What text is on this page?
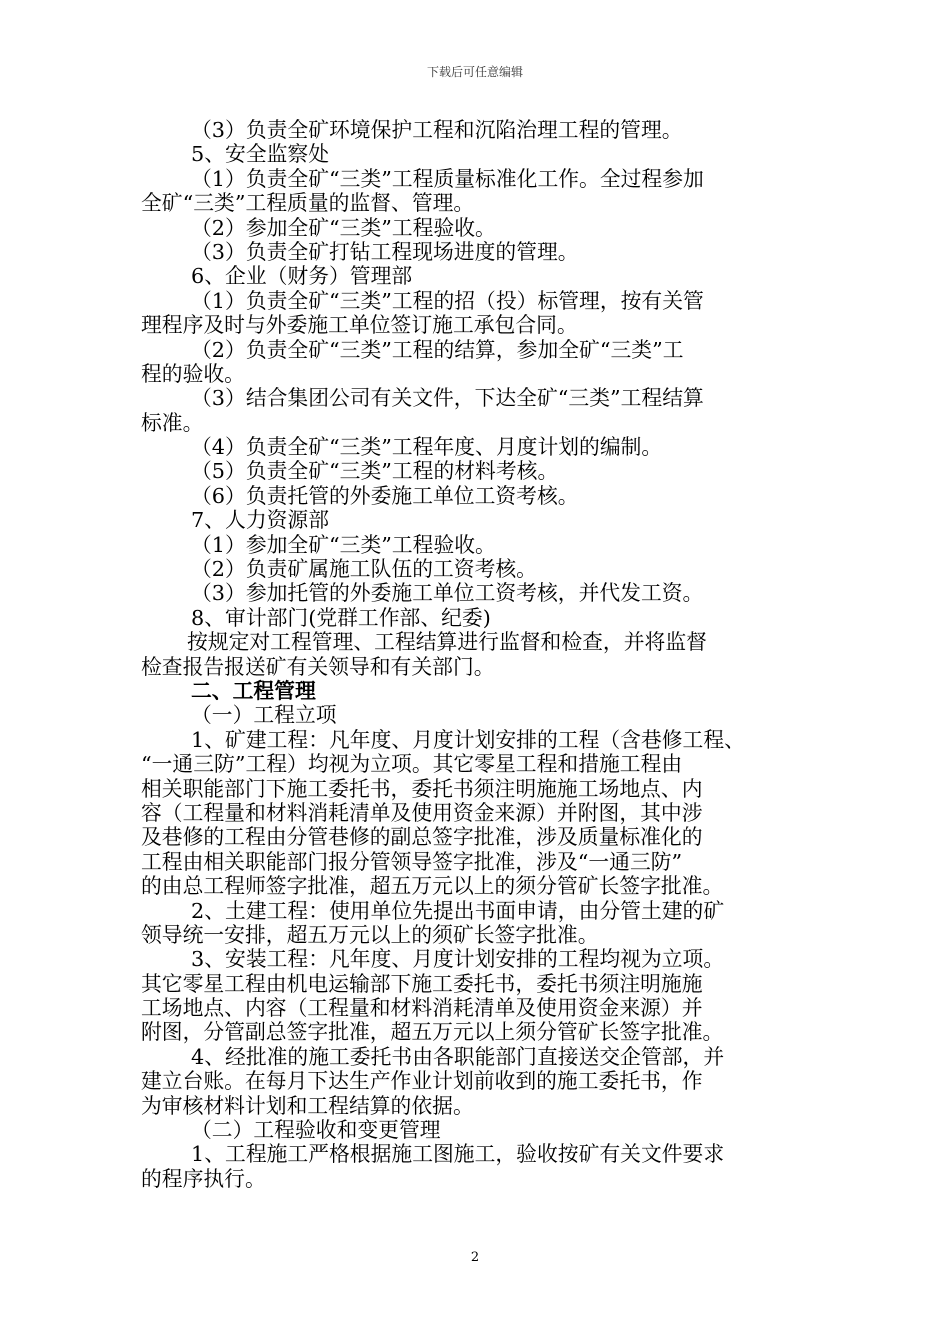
下载后可任意编辑
（3）负责全矿环境保护工程和沉陷治理工程的管理。
5、安全监察处
（1）负责全矿“三类”工程质量标准化工作。全过程参加
全矿“三类”工程质量的监督、管理。
（2）参加全矿“三类”工程验收。
（3）负责全矿打钻工程现场进度的管理。
6、企业（财务）管理部
（1）负责全矿“三类”工程的招（投）标管理，按有关管
理程序及时与外委施工单位签订施工承包合同。
（2）负责全矿“三类”工程的结算，参加全矿“三类”工
程的验收。
（3）结合集团公司有关文件，下达全矿“三类”工程结算
标准。
（4）负责全矿“三类”工程年度、月度计划的编制。
（5）负责全矿“三类”工程的材料考核。
（6）负责托管的外委施工单位工资考核。
7、人力资源部
（1）参加全矿“三类”工程验收。
（2）负责矿属施工队伍的工资考核。
（3）参加托管的外委施工单位工资考核，并代发工资。
8、审计部门(党群工作部、纪委)
按规定对工程管理、工程结算进行监督和检查，并将监督
检查报告报送矿有关领导和有关部门。
二、工程管理
（一）工程立项
1、矿建工程：凡年度、月度计划安排的工程（含巷修工程、
“一通三防”工程）均视为立项。其它零星工程和措施工程由
相关职能部门下施工委托书，委托书须注明施施工场地点、内
容（工程量和材料消耗清单及使用资金来源）并附图，其中涉
及巷修的工程由分管巷修的副总签字批准，涉及质量标准化的
工程由相关职能部门报分管领导签字批准，涉及“一通三防”
的由总工程师签字批准，超五万元以上的须分管矿长签字批准。
2、土建工程：使用单位先提出书面申请，由分管土建的矿
领导统一安排，超五万元以上的须矿长签字批准。
3、安装工程：凡年度、月度计划安排的工程均视为立项。
其它零星工程由机电运输部下施工委托书，委托书须注明施施
工场地点、内容（工程量和材料消耗清单及使用资金来源）并
附图，分管副总签字批准，超五万元以上须分管矿长签字批准。
4、经批准的施工委托书由各职能部门直接送交企管部，并
建立台账。在每月下达生产作业计划前收到的施工委托书，作
为审核材料计划和工程结算的依据。
（二）工程验收和变更管理
1、工程施工严格根据施工图施工，验收按矿有关文件要求
的程序执行。
2
